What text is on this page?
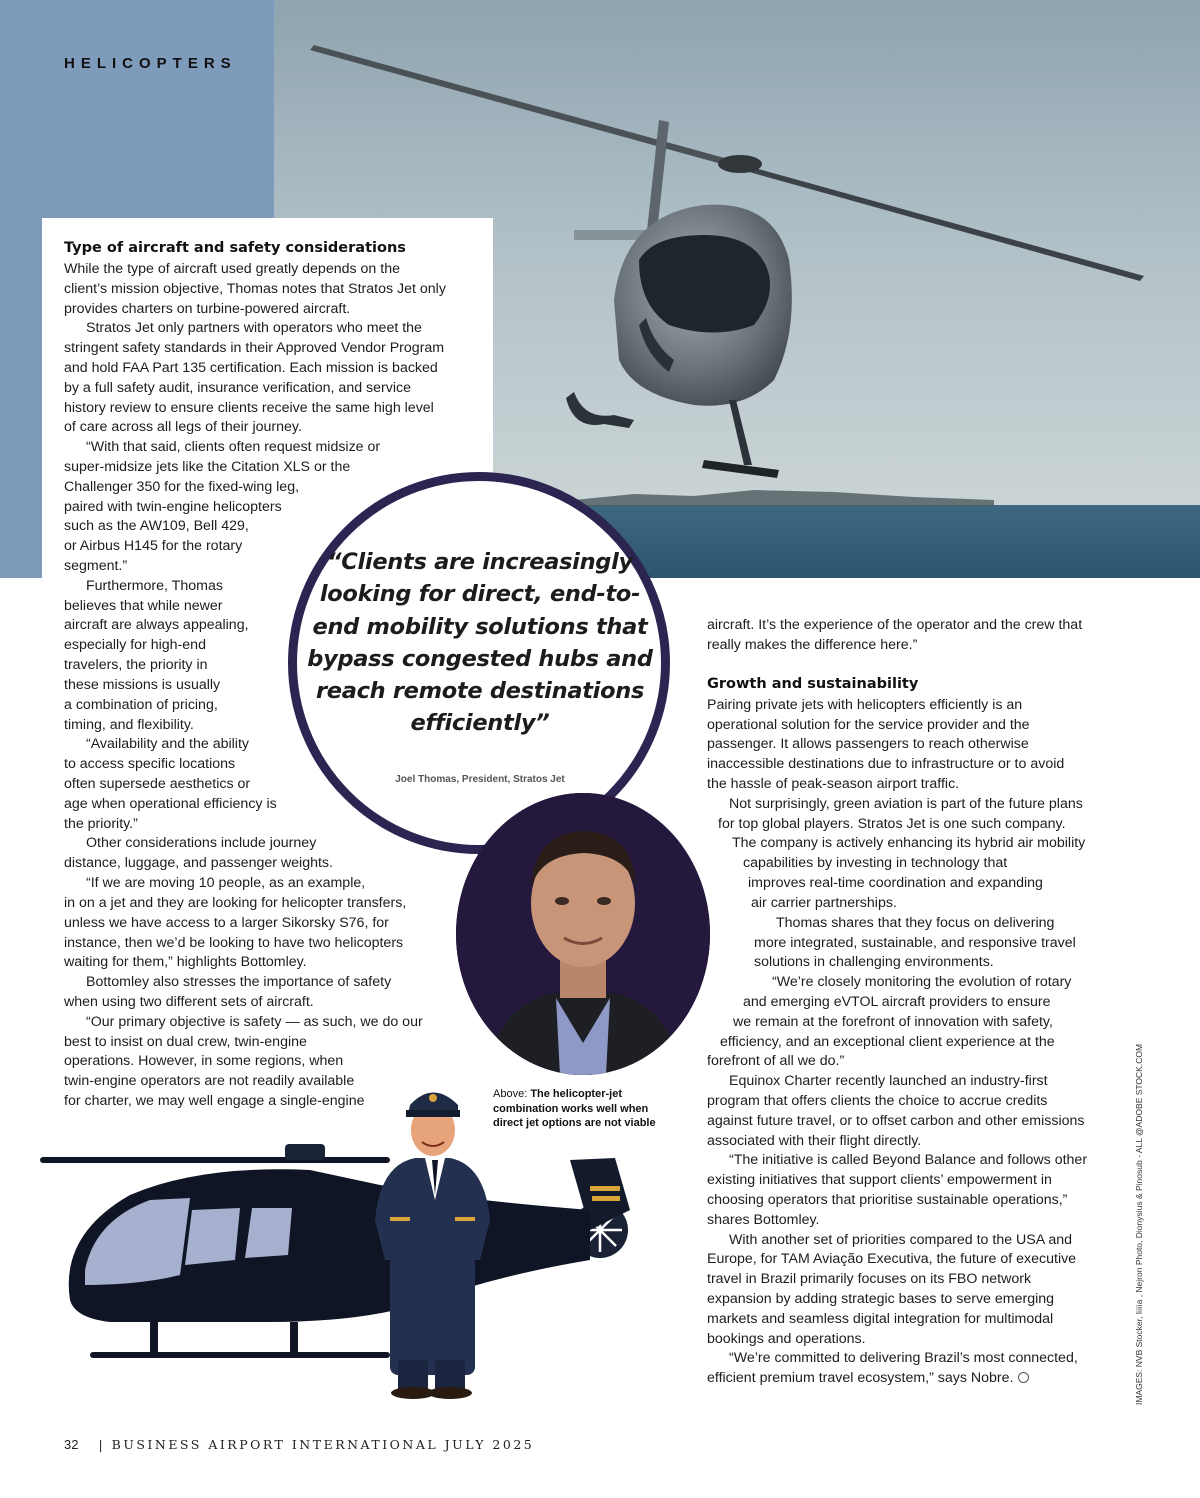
HELICOPTERS
Type of aircraft and safety considerations
While the type of aircraft used greatly depends on the
client’s mission objective, Thomas notes that Stratos Jet only
provides charters on turbine-powered aircraft.
Stratos Jet only partners with operators who meet the
stringent safety standards in their Approved Vendor Program
and hold FAA Part 135 certification. Each mission is backed
by a full safety audit, insurance verification, and service
history review to ensure clients receive the same high level
of care across all legs of their journey.
“With that said, clients often request midsize or
super-midsize jets like the Citation XLS or the
Challenger 350 for the fixed-wing leg,
paired with twin-engine helicopters
such as the AW109, Bell 429,
or Airbus H145 for the rotary
segment.”
Furthermore, Thomas
believes that while newer
aircraft are always appealing,
especially for high-end
travelers, the priority in
these missions is usually
a combination of pricing,
timing, and flexibility.
“Availability and the ability
to access specific locations
often supersede aesthetics or
age when operational efficiency is
the priority.”
Other considerations include journey
distance, luggage, and passenger weights.
“If we are moving 10 people, as an example,
in on a jet and they are looking for helicopter transfers,
unless we have access to a larger Sikorsky S76, for
instance, then we’d be looking to have two helicopters
waiting for them,” highlights Bottomley.
Bottomley also stresses the importance of safety
when using two different sets of aircraft.
“Our primary objective is safety — as such, we do our
best to insist on dual crew, twin-engine
operations. However, in some regions, when
twin-engine operators are not readily available
for charter, we may well engage a single-engine
“Clients are increasingly looking for direct, end-to-end mobility solutions that bypass congested hubs and reach remote destinations efficiently”
Joel Thomas, President, Stratos Jet
Above: The helicopter-jet combination works well when direct jet options are not viable
aircraft. It’s the experience of the operator and the crew that
really makes the difference here.”
Growth and sustainability
Pairing private jets with helicopters efficiently is an
operational solution for the service provider and the
passenger. It allows passengers to reach otherwise
inaccessible destinations due to infrastructure or to avoid
the hassle of peak-season airport traffic.
Not surprisingly, green aviation is part of the future plans
for top global players. Stratos Jet is one such company.
The company is actively enhancing its hybrid air mobility
capabilities by investing in technology that
improves real-time coordination and expanding
air carrier partnerships.
Thomas shares that they focus on delivering
more integrated, sustainable, and responsive travel
solutions in challenging environments.
“We’re closely monitoring the evolution of rotary
and emerging eVTOL aircraft providers to ensure
we remain at the forefront of innovation with safety,
efficiency, and an exceptional client experience at the
forefront of all we do.”
Equinox Charter recently launched an industry-first
program that offers clients the choice to accrue credits
against future travel, or to offset carbon and other emissions
associated with their flight directly.
“The initiative is called Beyond Balance and follows other
existing initiatives that support clients’ empowerment in
choosing operators that prioritise sustainable operations,”
shares Bottomley.
With another set of priorities compared to the USA and
Europe, for TAM Aviação Executiva, the future of executive
travel in Brazil primarily focuses on its FBO network
expansion by adding strategic bases to serve emerging
markets and seamless digital integration for multimodal
bookings and operations.
“We’re committed to delivering Brazil’s most connected,
efficient premium travel ecosystem,” says Nobre.	IMAGES: NVB Stocker, Iiiiia , Nejron Photo, Dionysius & Pinosub - ALL @ADOBE STOCK.COM
32 | BUSINESS AIRPORT INTERNATIONAL JULY 2025
